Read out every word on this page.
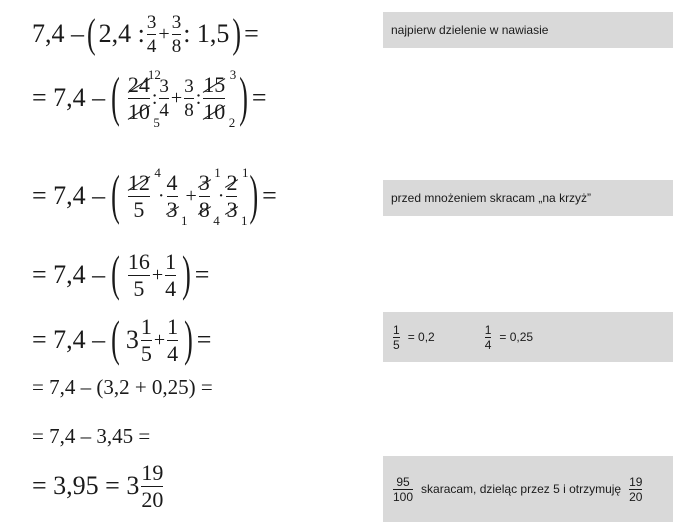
7,4 – ( 2,4 : $\frac{3}{4} + \frac{3}{8}$ : 1,5 ) =
= 7,4 – ( 24
10
12
5
: $\frac{3}{4} + \frac{3}{8}$ :
15
10
3
2 ) =
= 7,4 – ( 12
5
4
·
4
3 1
+
3
8
1
4
·
2
3
1
1 ) =
= 7,4 – ( $\frac{16}{5} + \frac{1}{4}$ ) =
= 7,4 – ( $3 \frac{1}{5} + \frac{1}{4}$ ) =
= 7,4 – (3,2 + 0,25) =
= 7,4 – 3,45 =
= $3,95 = 3 \frac{19}{20}$
najpierw dzielenie w nawiasie
przed mnożeniem skracam „na krzyż”
$\frac{1}{5} = 0,2$	$\frac{1}{4} = 0,25$
$\frac{95}{100}$ skaracam, dzieląc przez 5 i otrzymuję $\frac{19}{20}$
